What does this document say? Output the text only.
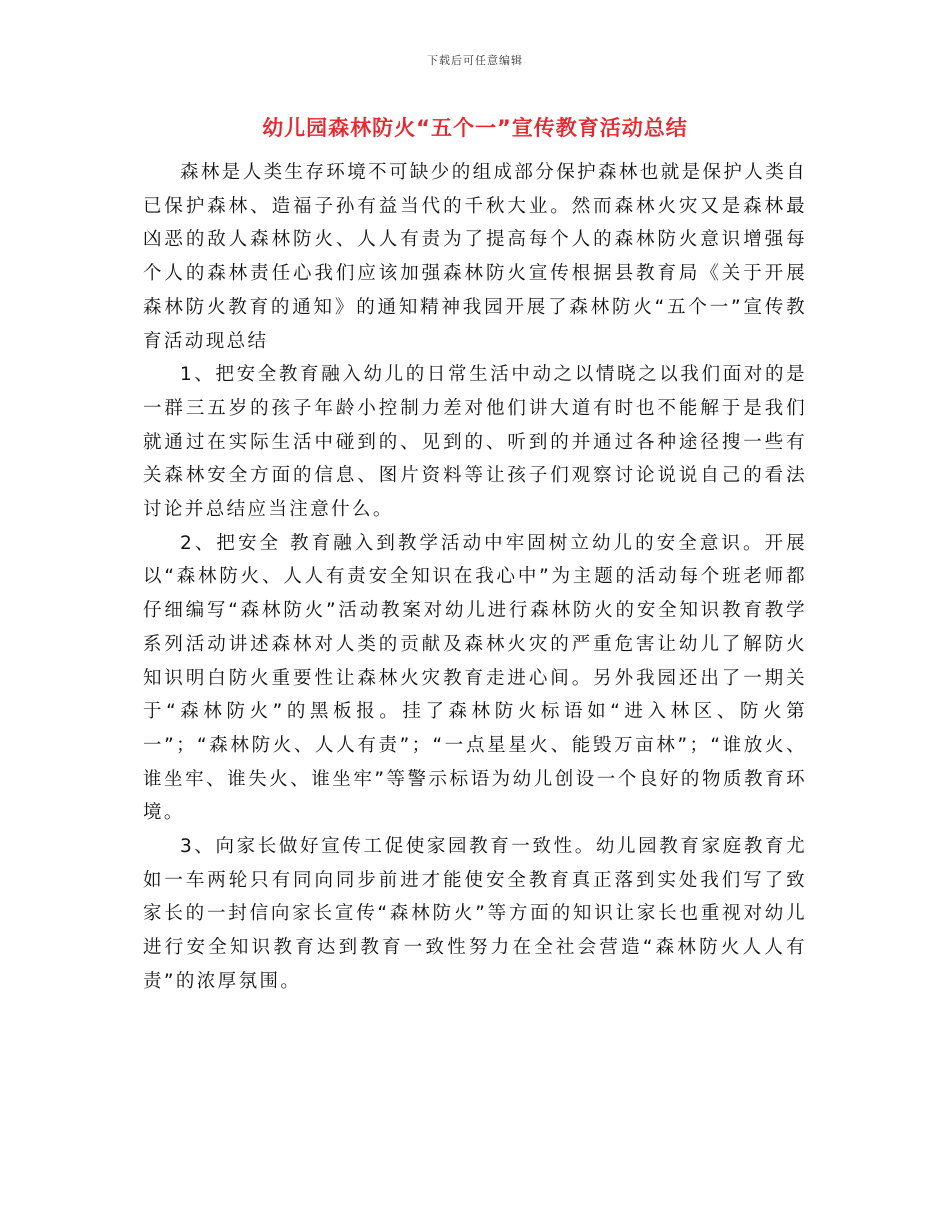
下载后可任意编辑
幼儿园森林防火“五个一”宣传教育活动总结

森林是人类生存环境不可缺少的组成部分保护森林也就是保护人类自已保护森林、造福子孙有益当代的千秋大业。然而森林火灾又是森林最凶恶的敌人森林防火、人人有责为了提高每个人的森林防火意识增强每个人的森林责任心我们应该加强森林防火宣传根据县教育局《关于开展森林防火教育的通知》的通知精神我园开展了森林防火“五个一”宣传教育活动现总结

1、把安全教育融入幼儿的日常生活中动之以情晓之以我们面对的是一群三五岁的孩子年龄小控制力差对他们讲大道有时也不能解于是我们就通过在实际生活中碰到的、见到的、听到的并通过各种途径搜一些有关森林安全方面的信息、图片资料等让孩子们观察讨论说说自己的看法讨论并总结应当注意什么。

2、把安全 教育融入到教学活动中牢固树立幼儿的安全意识。开展以“森林防火、人人有责安全知识在我心中”为主题的活动每个班老师都仔细编写“森林防火”活动教案对幼儿进行森林防火的安全知识教育教学系列活动讲述森林对人类的贡献及森林火灾的严重危害让幼儿了解防火知识明白防火重要性让森林火灾教育走进心间。另外我园还出了一期关于“森林防火”的黑板报。挂了森林防火标语如“进入林区、防火第一”；“森林防火、人人有责”；“一点星星火、能毁万亩林”；“谁放火、谁坐牢、谁失火、谁坐牢”等警示标语为幼儿创设一个良好的物质教育环境。

3、向家长做好宣传工促使家园教育一致性。幼儿园教育家庭教育尤如一车两轮只有同向同步前进才能使安全教育真正落到实处我们写了致家长的一封信向家长宣传“森林防火”等方面的知识让家长也重视对幼儿进行安全知识教育达到教育一致性努力在全社会营造“森林防火人人有责”的浓厚氛围。
